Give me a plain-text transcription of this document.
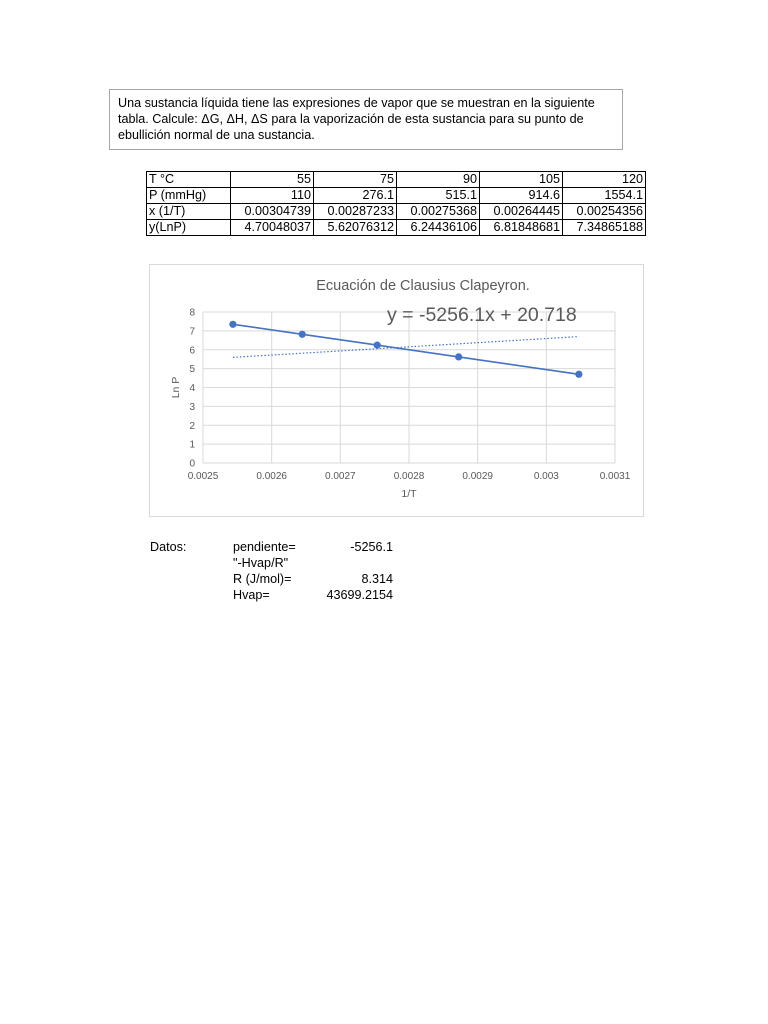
Una sustancia líquida tiene las expresiones de vapor que se muestran en la siguiente tabla. Calcule: ΔG, ΔH, ΔS para la vaporización de esta sustancia para su punto de ebullición normal de una sustancia.
T °C	55	75	90	105	120
P (mmHg)	110	276.1	515.1	914.6	1554.1
x (1/T)	0.00304739	0.00287233	0.00275368	0.00264445	0.00254356
y(LnP)	4.70048037	5.62076312	6.24436106	6.81848681	7.34865188
0
1
2
3
4
5
6
7
8
0.0025	0.0026	0.0027	0.0028	0.0029	0.003	0.0031
Ecuación de Clausius Clapeyron.
1/T
Ln P
y = -5256.1x + 20.718
Datos:	pendiente=	-5256.1
"-Hvap/R"
R (J/mol)=	8.314
Hvap=	43699.2154
